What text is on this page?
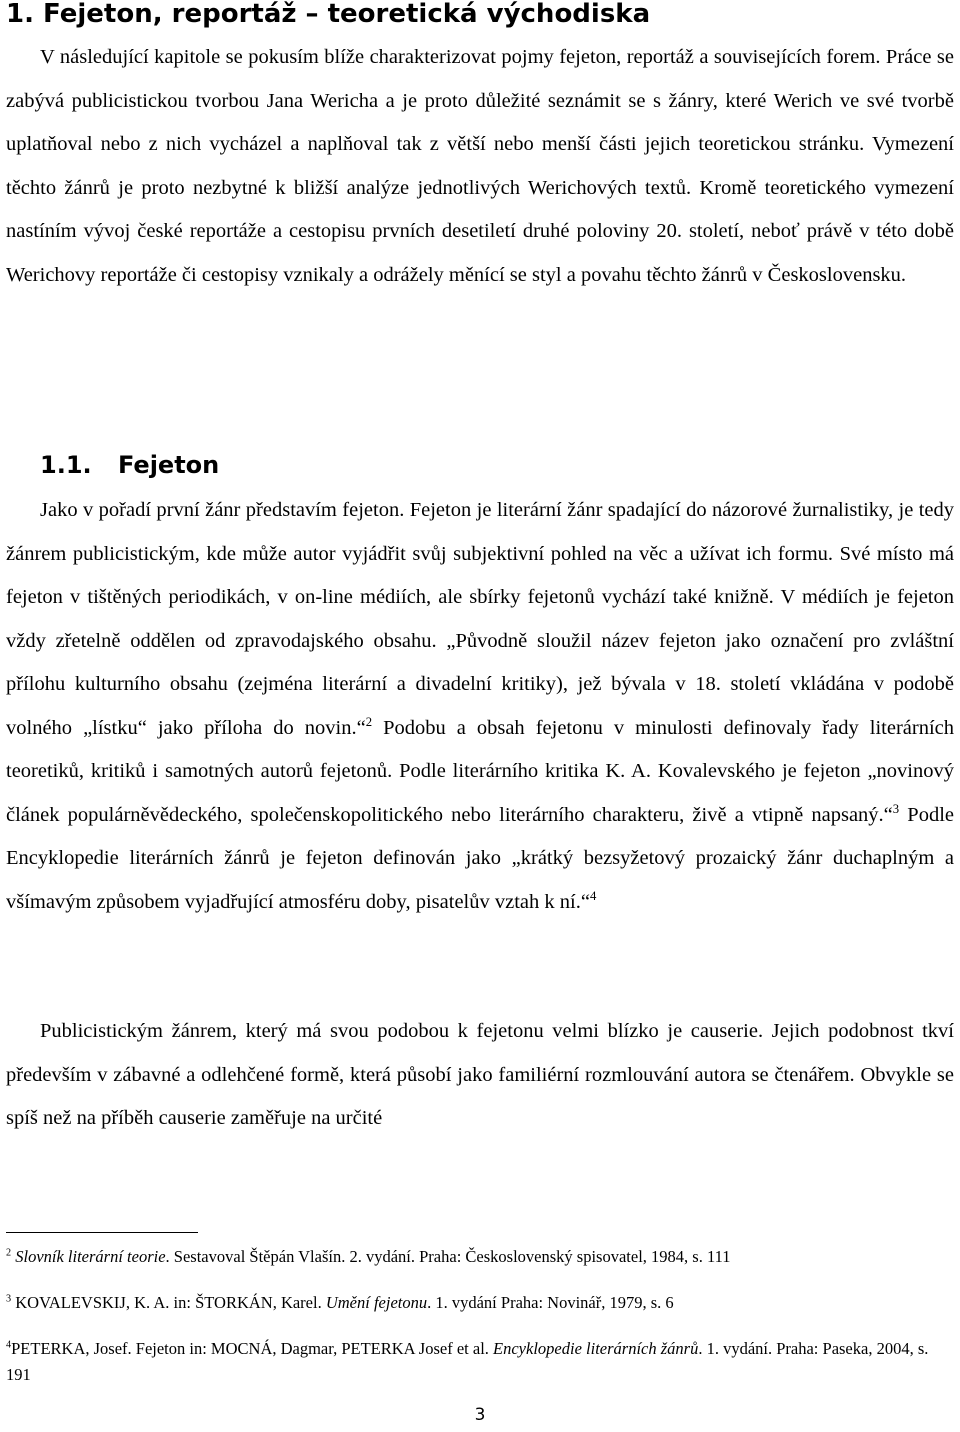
1. Fejeton, reportáž – teoretická východiska

V následující kapitole se pokusím blíže charakterizovat pojmy fejeton, reportáž a souvisejících forem. Práce se zabývá publicistickou tvorbou Jana Wericha a je proto důležité seznámit se s žánry, které Werich ve své tvorbě uplatňoval nebo z nich vycházel a naplňoval tak z větší nebo menší části jejich teoretickou stránku. Vymezení těchto žánrů je proto nezbytné k bližší analýze jednotlivých Werichových textů. Kromě teoretického vymezení nastíním vývoj české reportáže a cestopisu prvních desetiletí druhé poloviny 20. století, neboť právě v této době Werichovy reportáže či cestopisy vznikaly a odrážely měnící se styl a povahu těchto žánrů v Československu.

1.1. Fejeton

Jako v pořadí první žánr představím fejeton. Fejeton je literární žánr spadající do názorové žurnalistiky, je tedy žánrem publicistickým, kde může autor vyjádřit svůj subjektivní pohled na věc a užívat ich formu. Své místo má fejeton v tištěných periodikách, v on-line médiích, ale sbírky fejetonů vychází také knižně. V médiích je fejeton vždy zřetelně oddělen od zpravodajského obsahu. „Původně sloužil název fejeton jako označení pro zvláštní přílohu kulturního obsahu (zejména literární a divadelní kritiky), jež bývala v 18. století vkládána v podobě volného „lístku“ jako příloha do novin.“$^2$ Podobu a obsah fejetonu v minulosti definovaly řady literárních teoretiků, kritiků i samotných autorů fejetonů. Podle literárního kritika K. A. Kovalevského je fejeton „novinový článek populárněvědeckého, společenskopolitického nebo literárního charakteru, živě a vtipně napsaný.“$^3$ Podle Encyklopedie literárních žánrů je fejeton definován jako „krátký bezsyžetový prozaický žánr duchaplným a všímavým způsobem vyjadřující atmosféru doby, pisatelův vztah k ní.“$^4$

Publicistickým žánrem, který má svou podobou k fejetonu velmi blízko je causerie. Jejich podobnost tkví především v zábavné a odlehčené formě, která působí jako familiérní rozmlouvání autora se čtenářem. Obvykle se spíš než na příběh causerie zaměřuje na určité

$^2$ Slovník literární teorie. Sestavoval Štěpán Vlašín. 2. vydání. Praha: Československý spisovatel, 1984, s. 111

$^3$ KOVALEVSKIJ, K. A. in: ŠTORKÁN, Karel. Umění fejetonu. 1. vydání Praha: Novinář, 1979, s. 6

$^4$PETERKA, Josef. Fejeton in: MOCNÁ, Dagmar, PETERKA Josef et al. Encyklopedie literárních žánrů. 1. vydání. Praha: Paseka, 2004, s. 191

3
